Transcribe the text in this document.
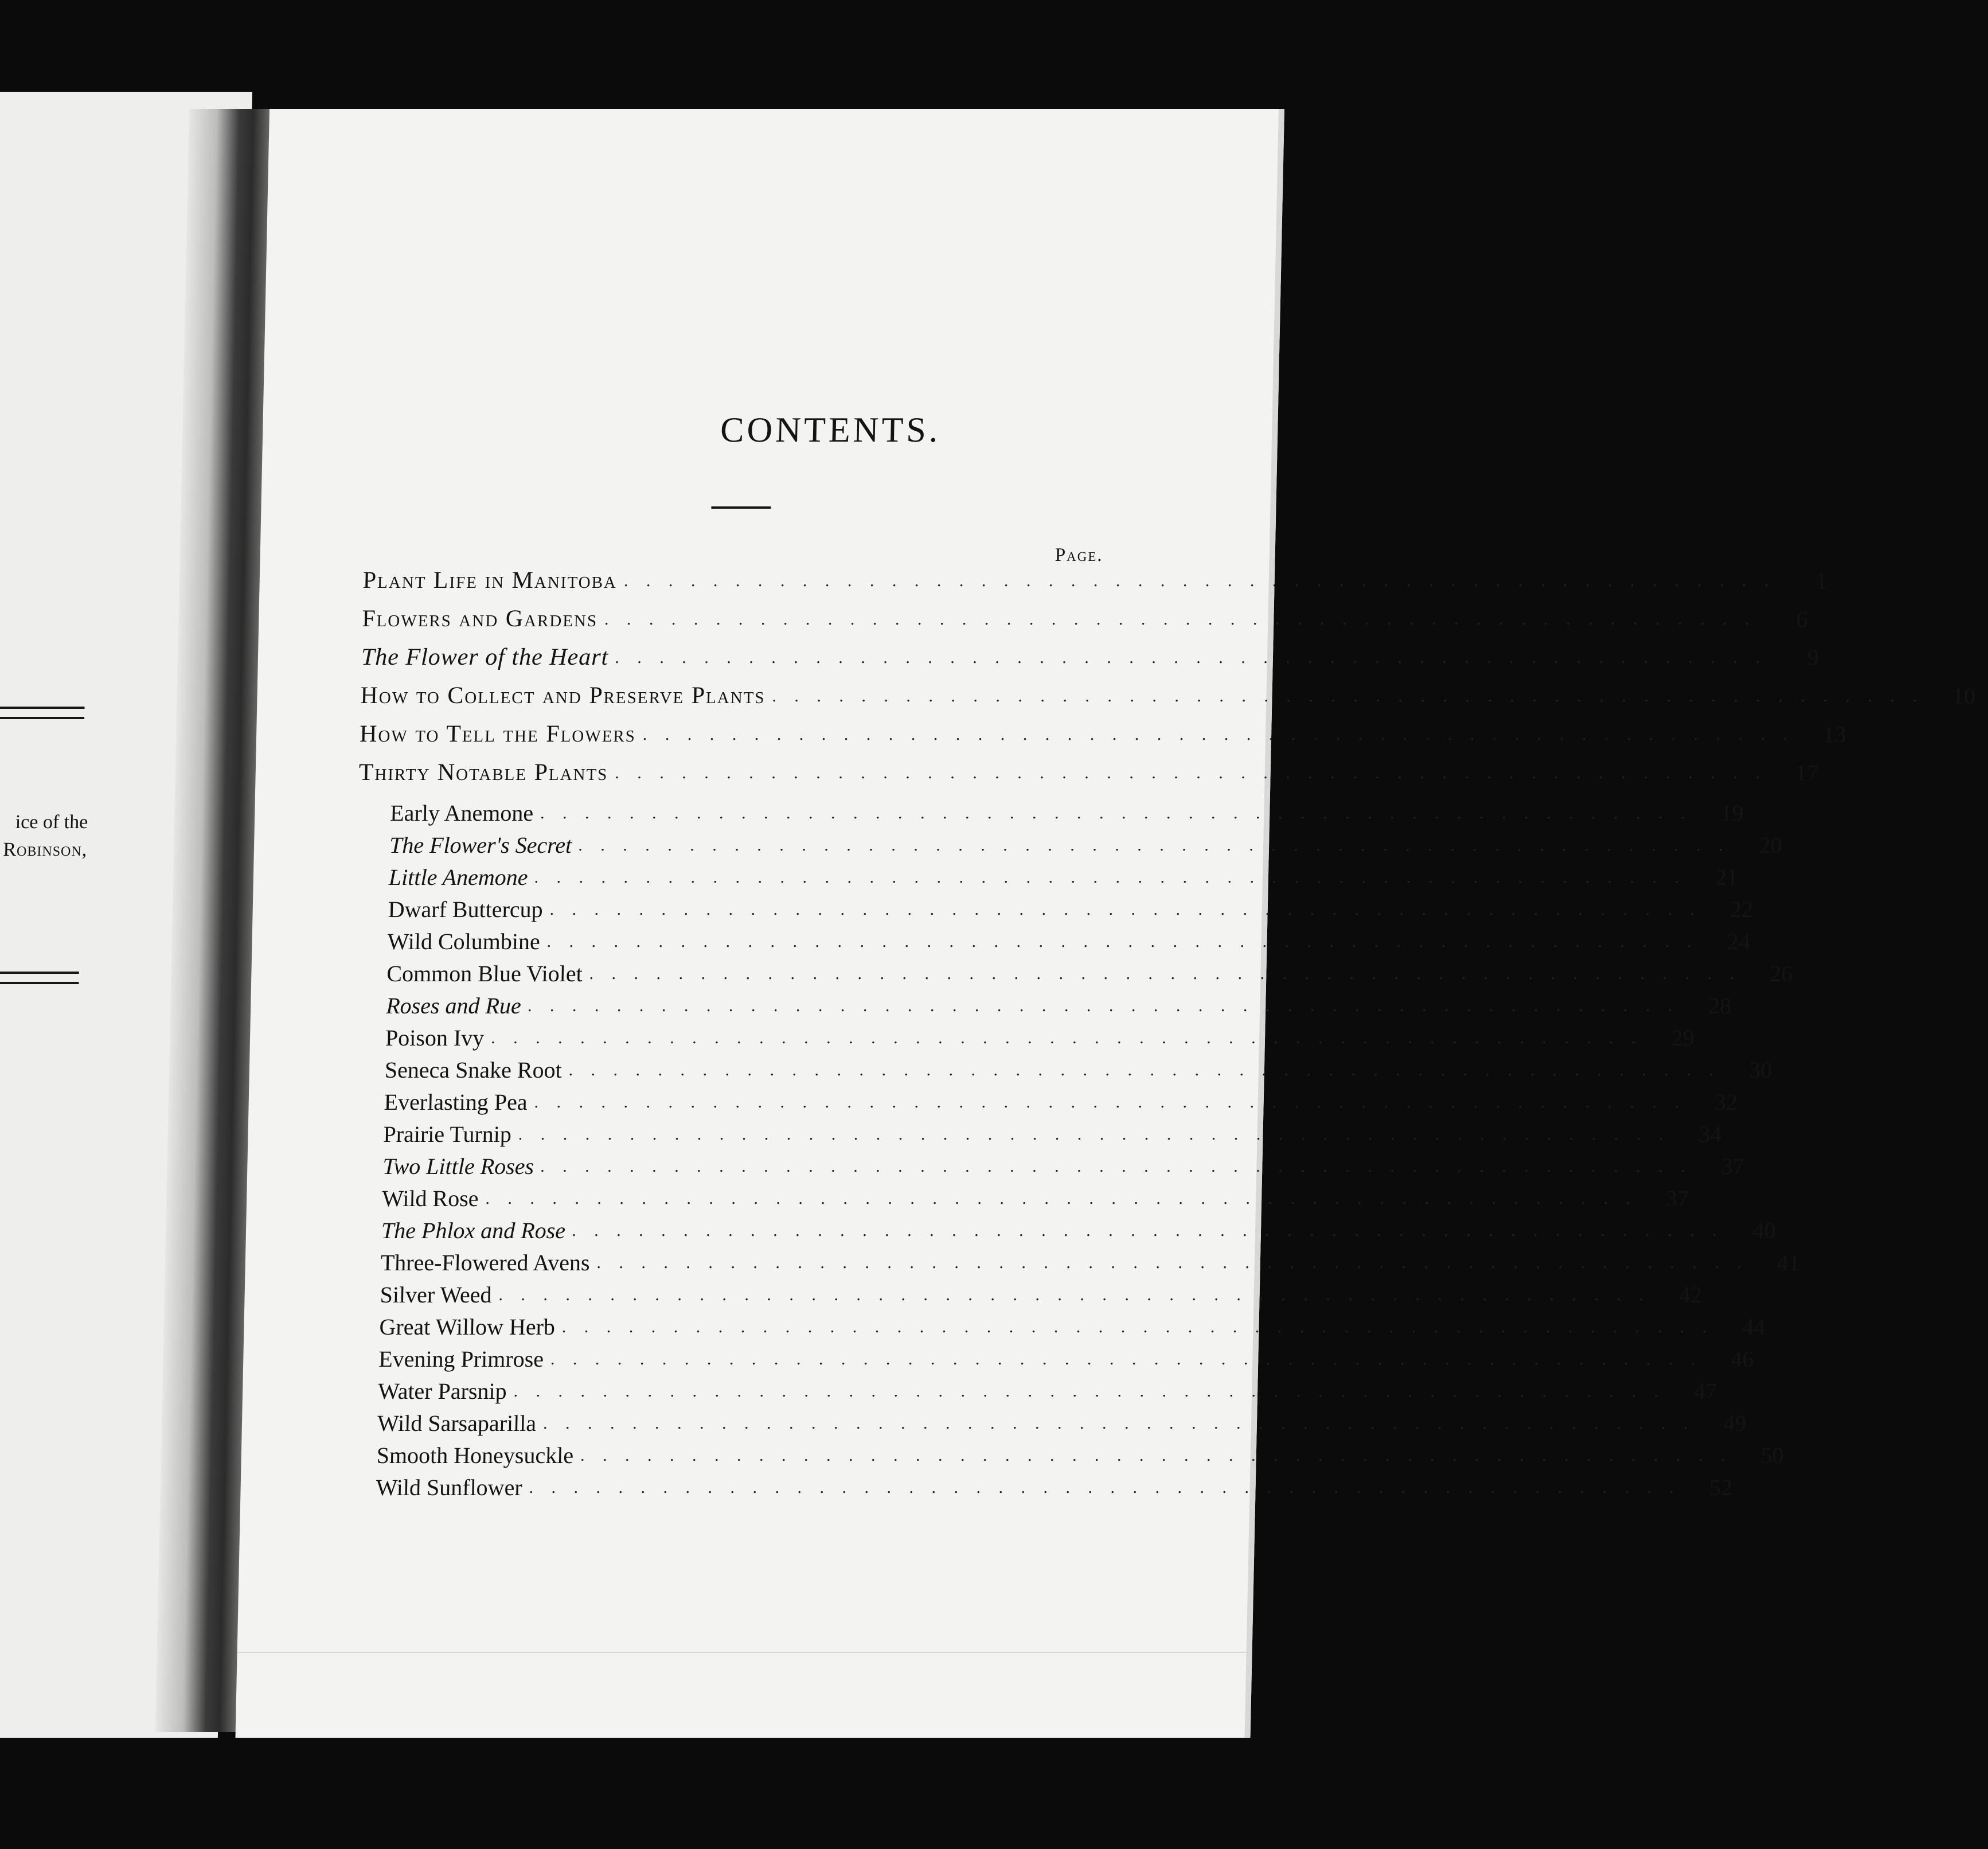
ice of the
Robinson,
CONTENTS.
Page.
Plant Life in Manitoba . . . . . . . . . . . . . . . . . . . . . . . . . . . . . . . . . . . . . . . . . . . . . . . . . . . .	1
Flowers and Gardens . . . . . . . . . . . . . . . . . . . . . . . . . . . . . . . . . . . . . . . . . . . . . . . . . . . .	6
The Flower of the Heart . . . . . . . . . . . . . . . . . . . . . . . . . . . . . . . . . . . . . . . . . . . . . . . . . . . .	9
How to Collect and Preserve Plants . . . . . . . . . . . . . . . . . . . . . . . . . . . . . . . . . . . . . . . . . . . . . . . . . . . .	10
How to Tell the Flowers . . . . . . . . . . . . . . . . . . . . . . . . . . . . . . . . . . . . . . . . . . . . . . . . . . . .	13
Thirty Notable Plants . . . . . . . . . . . . . . . . . . . . . . . . . . . . . . . . . . . . . . . . . . . . . . . . . . . .	17
Early Anemone . . . . . . . . . . . . . . . . . . . . . . . . . . . . . . . . . . . . . . . . . . . . . . . . . . . .	19
The Flower's Secret . . . . . . . . . . . . . . . . . . . . . . . . . . . . . . . . . . . . . . . . . . . . . . . . . . . .	20
Little Anemone . . . . . . . . . . . . . . . . . . . . . . . . . . . . . . . . . . . . . . . . . . . . . . . . . . . .	21
Dwarf Buttercup . . . . . . . . . . . . . . . . . . . . . . . . . . . . . . . . . . . . . . . . . . . . . . . . . . . .	22
Wild Columbine . . . . . . . . . . . . . . . . . . . . . . . . . . . . . . . . . . . . . . . . . . . . . . . . . . . .	24
Common Blue Violet . . . . . . . . . . . . . . . . . . . . . . . . . . . . . . . . . . . . . . . . . . . . . . . . . . . .	26
Roses and Rue . . . . . . . . . . . . . . . . . . . . . . . . . . . . . . . . . . . . . . . . . . . . . . . . . . . .	28
Poison Ivy . . . . . . . . . . . . . . . . . . . . . . . . . . . . . . . . . . . . . . . . . . . . . . . . . . . .	29
Seneca Snake Root . . . . . . . . . . . . . . . . . . . . . . . . . . . . . . . . . . . . . . . . . . . . . . . . . . . .	30
Everlasting Pea . . . . . . . . . . . . . . . . . . . . . . . . . . . . . . . . . . . . . . . . . . . . . . . . . . . .	32
Prairie Turnip . . . . . . . . . . . . . . . . . . . . . . . . . . . . . . . . . . . . . . . . . . . . . . . . . . . .	34
Two Little Roses . . . . . . . . . . . . . . . . . . . . . . . . . . . . . . . . . . . . . . . . . . . . . . . . . . . .	37
Wild Rose . . . . . . . . . . . . . . . . . . . . . . . . . . . . . . . . . . . . . . . . . . . . . . . . . . . .	37
The Phlox and Rose . . . . . . . . . . . . . . . . . . . . . . . . . . . . . . . . . . . . . . . . . . . . . . . . . . . .	40
Three-Flowered Avens . . . . . . . . . . . . . . . . . . . . . . . . . . . . . . . . . . . . . . . . . . . . . . . . . . . .	41
Silver Weed . . . . . . . . . . . . . . . . . . . . . . . . . . . . . . . . . . . . . . . . . . . . . . . . . . . .	42
Great Willow Herb . . . . . . . . . . . . . . . . . . . . . . . . . . . . . . . . . . . . . . . . . . . . . . . . . . . .	44
Evening Primrose . . . . . . . . . . . . . . . . . . . . . . . . . . . . . . . . . . . . . . . . . . . . . . . . . . . .	46
Water Parsnip . . . . . . . . . . . . . . . . . . . . . . . . . . . . . . . . . . . . . . . . . . . . . . . . . . . .	47
Wild Sarsaparilla . . . . . . . . . . . . . . . . . . . . . . . . . . . . . . . . . . . . . . . . . . . . . . . . . . . .	49
Smooth Honeysuckle . . . . . . . . . . . . . . . . . . . . . . . . . . . . . . . . . . . . . . . . . . . . . . . . . . . .	50
Wild Sunflower . . . . . . . . . . . . . . . . . . . . . . . . . . . . . . . . . . . . . . . . . . . . . . . . . . . .	52
